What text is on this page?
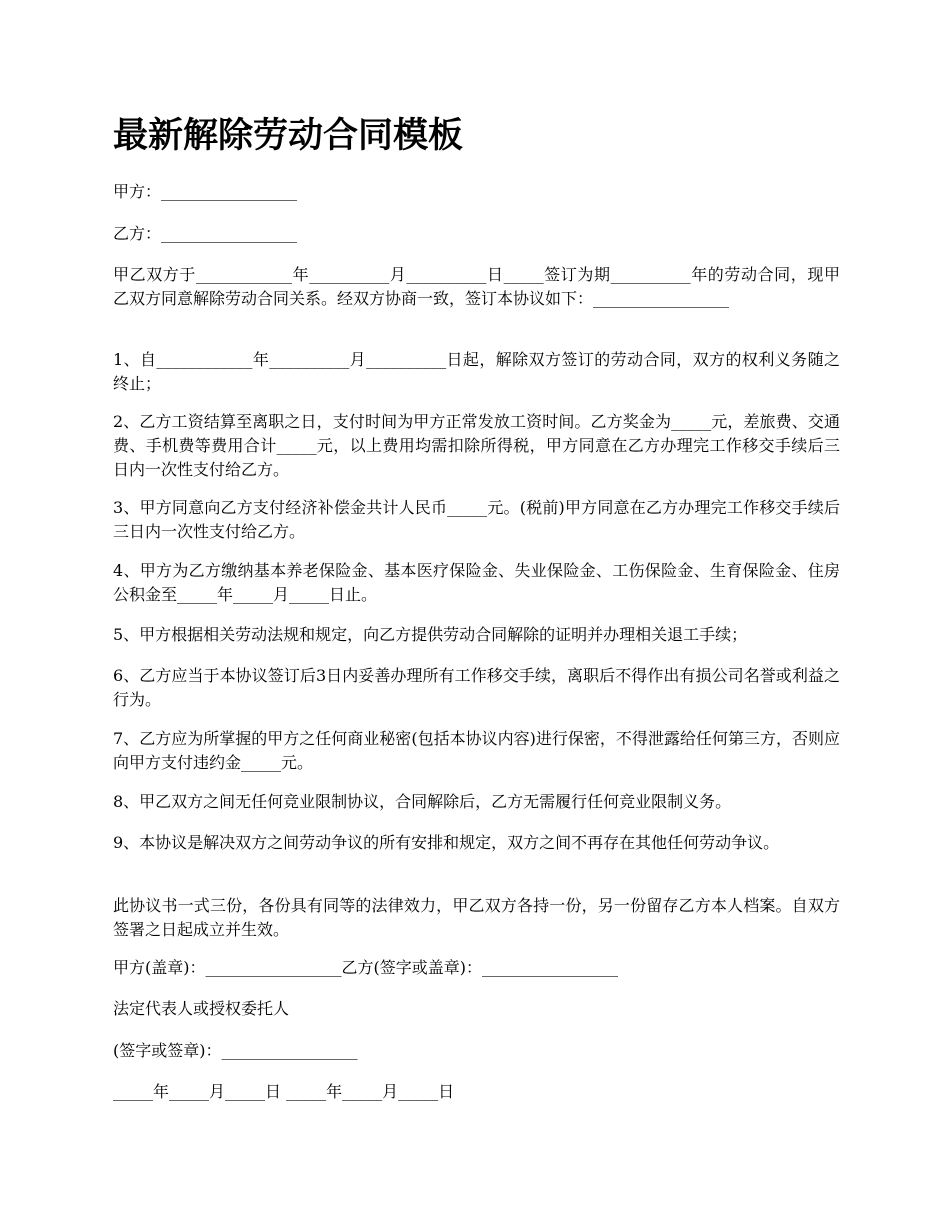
最新解除劳动合同模板

甲方：_________________

乙方：_________________

甲乙双方于____________年__________月__________日_____签订为期__________年的劳动合同，现甲乙双方同意解除劳动合同关系。经双方协商一致，签订本协议如下：_________________

1、自____________年__________月__________日起，解除双方签订的劳动合同，双方的权利义务随之终止；

2、乙方工资结算至离职之日，支付时间为甲方正常发放工资时间。乙方奖金为_____元，差旅费、交通费、手机费等费用合计_____元，以上费用均需扣除所得税，甲方同意在乙方办理完工作移交手续后三日内一次性支付给乙方。

3、甲方同意向乙方支付经济补偿金共计人民币_____元。(税前)甲方同意在乙方办理完工作移交手续后三日内一次性支付给乙方。

4、甲方为乙方缴纳基本养老保险金、基本医疗保险金、失业保险金、工伤保险金、生育保险金、住房公积金至_____年_____月_____日止。

5、甲方根据相关劳动法规和规定，向乙方提供劳动合同解除的证明并办理相关退工手续；

6、乙方应当于本协议签订后3日内妥善办理所有工作移交手续，离职后不得作出有损公司名誉或利益之行为。

7、乙方应为所掌握的甲方之任何商业秘密(包括本协议内容)进行保密，不得泄露给任何第三方，否则应向甲方支付违约金_____元。

8、甲乙双方之间无任何竞业限制协议，合同解除后，乙方无需履行任何竞业限制义务。

9、本协议是解决双方之间劳动争议的所有安排和规定，双方之间不再存在其他任何劳动争议。

此协议书一式三份，各份具有同等的法律效力，甲乙双方各持一份，另一份留存乙方本人档案。自双方签署之日起成立并生效。

甲方(盖章)：_________________乙方(签字或盖章)：_________________

法定代表人或授权委托人

(签字或签章)：_________________

_____年_____月_____日 _____年_____月_____日
